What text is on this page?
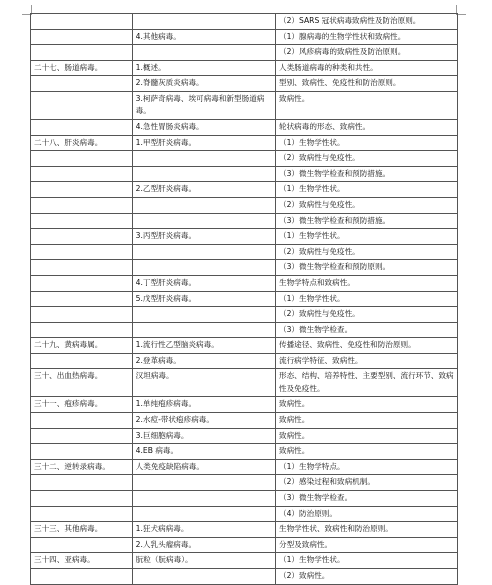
		（2）SARS 冠状病毒致病性及防治原则。
	4.其他病毒。	（1）腺病毒的生物学性状和致病性。
		（2）风疹病毒的致病性及防治原则。
二十七、肠道病毒。	1.概述。	人类肠道病毒的种类和共性。
	2.脊髓灰质炎病毒。	型别、致病性、免疫性和防治原则。
	3.柯萨奇病毒、埃可病毒和新型肠道病毒。	致病性。
	4.急性胃肠炎病毒。	轮状病毒的形态、致病性。
二十八、肝炎病毒。	1.甲型肝炎病毒。	（1）生物学性状。
		（2）致病性与免疫性。
		（3）微生物学检查和预防措施。
	2.乙型肝炎病毒。	（1）生物学性状。
		（2）致病性与免疫性。
		（3）微生物学检查和预防措施。
	3.丙型肝炎病毒。	（1）生物学性状。
		（2）致病性与免疫性。
		（3）微生物学检查和预防原则。
	4.丁型肝炎病毒。	生物学特点和致病性。
	5.戊型肝炎病毒。	（1）生物学性状。
		（2）致病性与免疫性。
		（3）微生物学检查。
二十九、黄病毒属。	1.流行性乙型脑炎病毒。	传播途径、致病性、免疫性和防治原则。
	2.登革病毒。	流行病学特征、致病性。
三十、出血热病毒。	汉坦病毒。	形态、结构、培养特性、主要型别、流行环节、致病性及免疫性。
三十一、疱疹病毒。	1.单纯疱疹病毒。	致病性。
	2.水痘-带状疱疹病毒。	致病性。
	3.巨细胞病毒。	致病性。
	4.EB 病毒。	致病性。
三十二、逆转录病毒。	人类免疫缺陷病毒。	（1）生物学特点。
		（2）感染过程和致病机制。
		（3）微生物学检查。
		（4）防治原则。
三十三、其他病毒。	1.狂犬病病毒。	生物学性状、致病性和防治原则。
	2.人乳头瘤病毒。	分型及致病性。
三十四、亚病毒。	朊粒（朊病毒）。	（1）生物学性状。
		（2）致病性。
